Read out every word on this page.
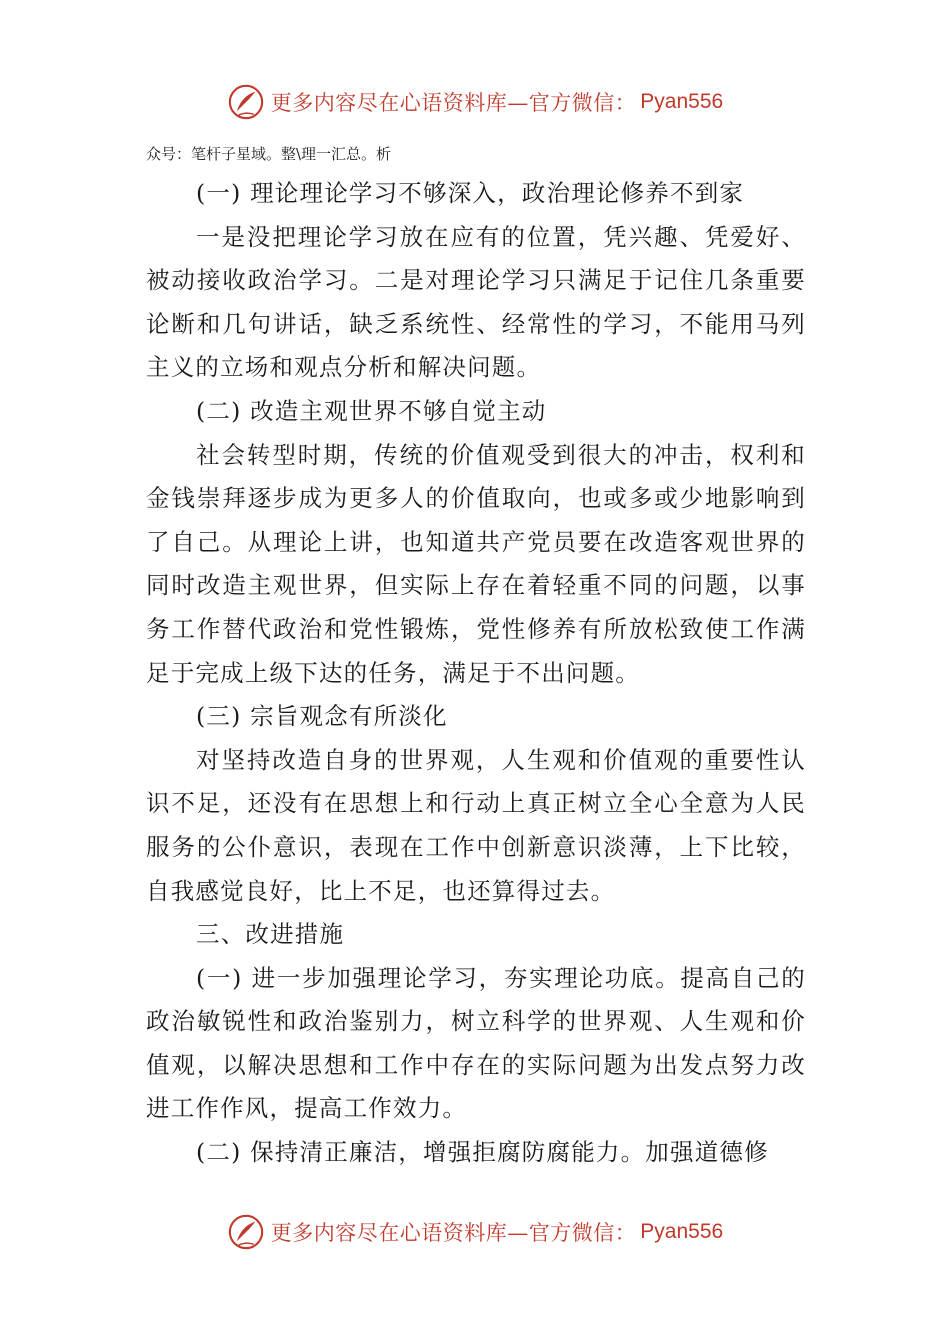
更多内容尽在心语资料库—官方微信： Pyan556
众号：笔杆子星域。整\理一汇总。析

(一) 理论理论学习不够深入，政治理论修养不到家

一是没把理论学习放在应有的位置，凭兴趣、凭爱好、被动接收政治学习。二是对理论学习只满足于记住几条重要论断和几句讲话，缺乏系统性、经常性的学习，不能用马列主义的立场和观点分析和解决问题。

(二) 改造主观世界不够自觉主动

社会转型时期，传统的价值观受到很大的冲击，权利和金钱崇拜逐步成为更多人的价值取向，也或多或少地影响到了自己。从理论上讲，也知道共产党员要在改造客观世界的同时改造主观世界，但实际上存在着轻重不同的问题，以事务工作替代政治和党性锻炼，党性修养有所放松致使工作满足于完成上级下达的任务，满足于不出问题。

(三) 宗旨观念有所淡化

对坚持改造自身的世界观，人生观和价值观的重要性认识不足，还没有在思想上和行动上真正树立全心全意为人民服务的公仆意识，表现在工作中创新意识淡薄，上下比较，自我感觉良好，比上不足，也还算得过去。

三、改进措施

(一) 进一步加强理论学习，夯实理论功底。提高自己的政治敏锐性和政治鉴别力，树立科学的世界观、人生观和价值观，以解决思想和工作中存在的实际问题为出发点努力改进工作作风，提高工作效力。

(二) 保持清正廉洁，增强拒腐防腐能力。加强道德修

更多内容尽在心语资料库—官方微信： Pyan556
